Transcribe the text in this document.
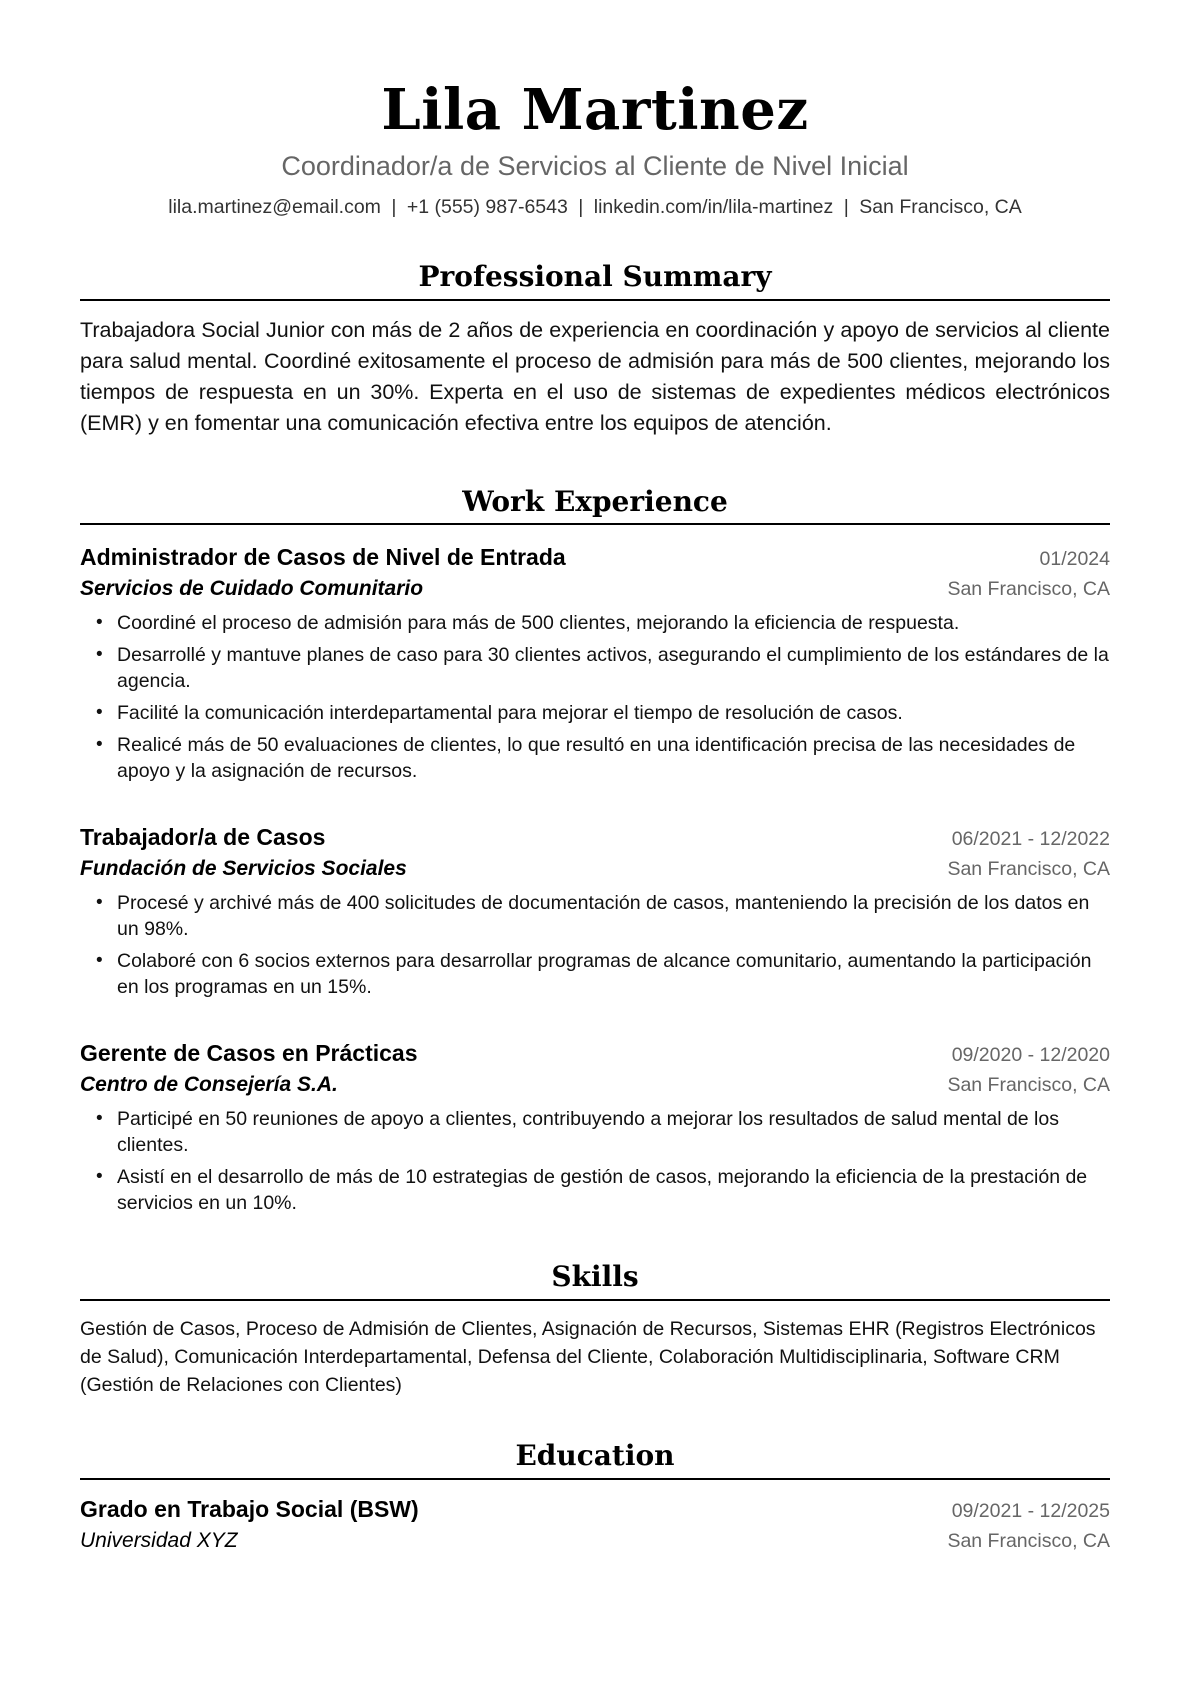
Lila Martinez
Coordinador/a de Servicios al Cliente de Nivel Inicial
lila.martinez@email.com | +1 (555) 987-6543 | linkedin.com/in/lila-martinez | San Francisco, CA
Professional Summary
Trabajadora Social Junior con más de 2 años de experiencia en coordinación y apoyo de servicios al cliente para salud mental. Coordiné exitosamente el proceso de admisión para más de 500 clientes, mejorando los tiempos de respuesta en un 30%. Experta en el uso de sistemas de expedientes médicos electrónicos (EMR) y en fomentar una comunicación efectiva entre los equipos de atención.
Work Experience
Administrador de Casos de Nivel de Entrada	01/2024
Servicios de Cuidado Comunitario	San Francisco, CA
• Coordiné el proceso de admisión para más de 500 clientes, mejorando la eficiencia de respuesta.
• Desarrollé y mantuve planes de caso para 30 clientes activos, asegurando el cumplimiento de los estándares de la agencia.
• Facilité la comunicación interdepartamental para mejorar el tiempo de resolución de casos.
• Realicé más de 50 evaluaciones de clientes, lo que resultó en una identificación precisa de las necesidades de apoyo y la asignación de recursos.
Trabajador/a de Casos	06/2021 - 12/2022
Fundación de Servicios Sociales	San Francisco, CA
• Procesé y archivé más de 400 solicitudes de documentación de casos, manteniendo la precisión de los datos en un 98%.
• Colaboré con 6 socios externos para desarrollar programas de alcance comunitario, aumentando la participación en los programas en un 15%.
Gerente de Casos en Prácticas	09/2020 - 12/2020
Centro de Consejería S.A.	San Francisco, CA
• Participé en 50 reuniones de apoyo a clientes, contribuyendo a mejorar los resultados de salud mental de los clientes.
• Asistí en el desarrollo de más de 10 estrategias de gestión de casos, mejorando la eficiencia de la prestación de servicios en un 10%.
Skills
Gestión de Casos, Proceso de Admisión de Clientes, Asignación de Recursos, Sistemas EHR (Registros Electrónicos de Salud), Comunicación Interdepartamental, Defensa del Cliente, Colaboración Multidisciplinaria, Software CRM (Gestión de Relaciones con Clientes)
Education
Grado en Trabajo Social (BSW)	09/2021 - 12/2025
Universidad XYZ	San Francisco, CA
